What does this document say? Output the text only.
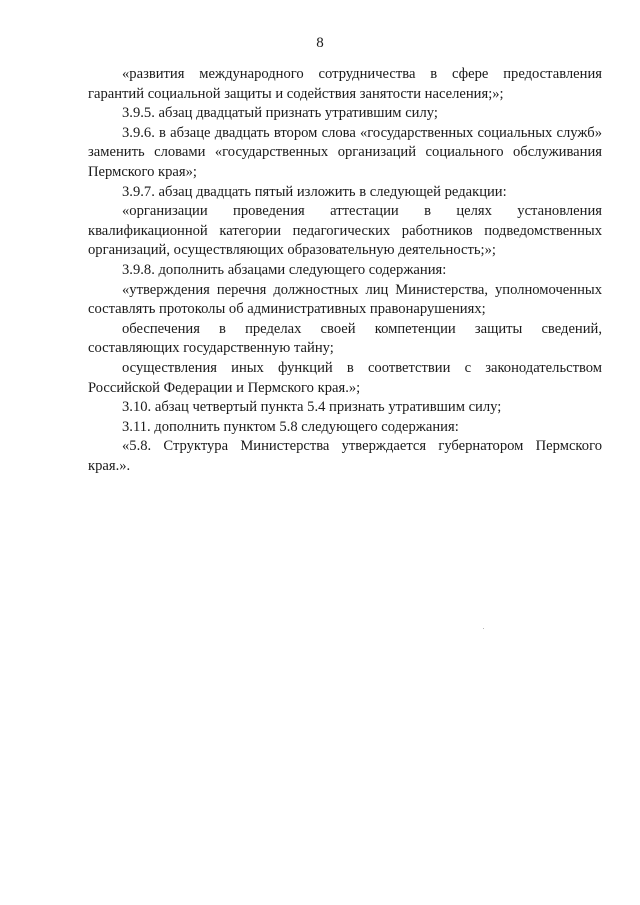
8

«развития международного сотрудничества в сфере предоставления гарантий социальной защиты и содействия занятости населения;»;

3.9.5. абзац двадцатый признать утратившим силу;

3.9.6. в абзаце двадцать втором слова «государственных социальных служб» заменить словами «государственных организаций социального обслуживания Пермского края»;

3.9.7. абзац двадцать пятый изложить в следующей редакции:

«организации проведения аттестации в целях установления квалификационной категории педагогических работников подведомственных организаций, осуществляющих образовательную деятельность;»;

3.9.8. дополнить абзацами следующего содержания:

«утверждения перечня должностных лиц Министерства, уполномоченных составлять протоколы об административных правонарушениях;

обеспечения в пределах своей компетенции защиты сведений, составляющих государственную тайну;

осуществления иных функций в соответствии с законодательством Российской Федерации и Пермского края.»;

3.10. абзац четвертый пункта 5.4 признать утратившим силу;

3.11. дополнить пунктом 5.8 следующего содержания:

«5.8. Структура Министерства утверждается губернатором Пермского края.».
